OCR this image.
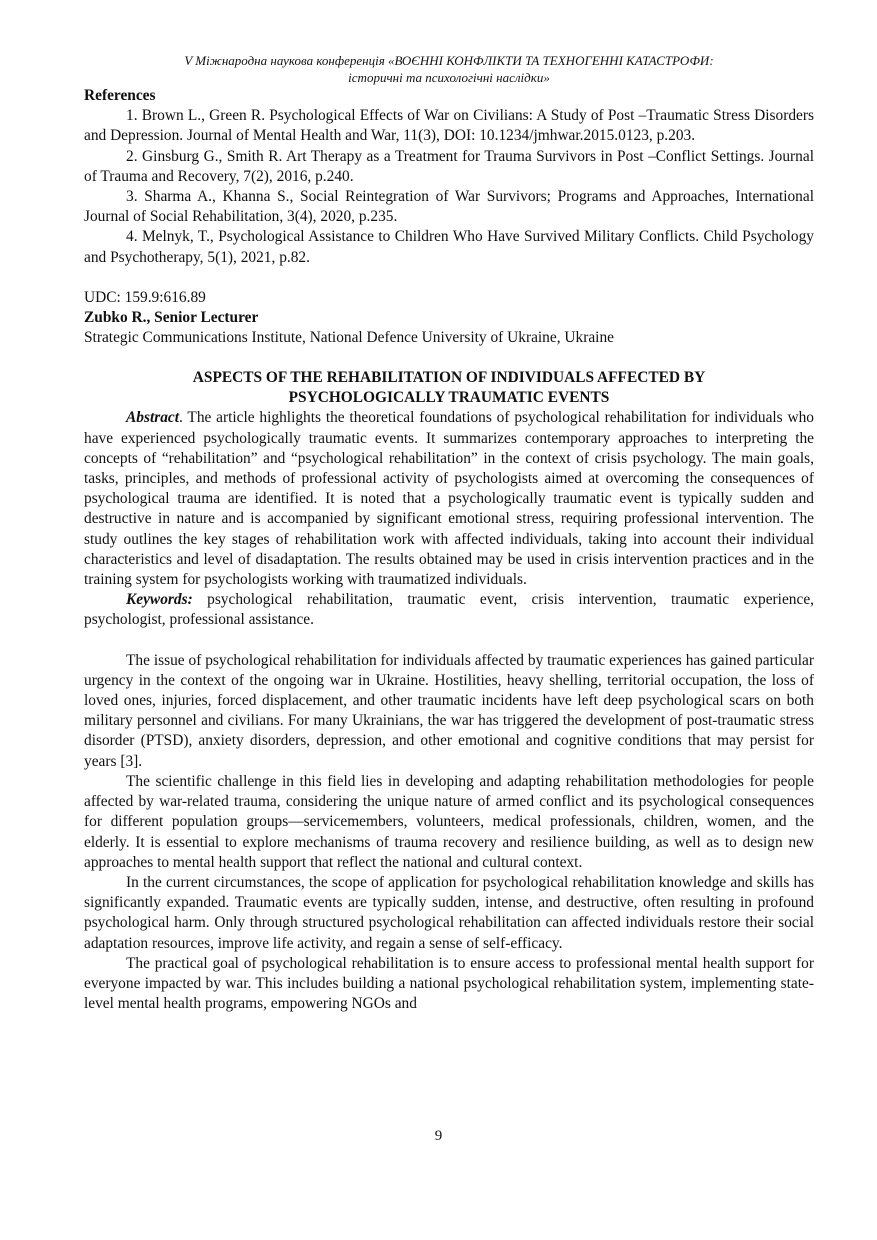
V Міжнародна наукова конференція «ВОЄННІ КОНФЛІКТИ ТА ТЕХНОГЕННІ КАТАСТРОФИ:
історичні та психологічні наслідки»

References

1. Brown L., Green R. Psychological Effects of War on Civilians: A Study of Post –Traumatic Stress Disorders and Depression. Journal of Mental Health and War, 11(3), DOI: 10.1234/jmhwar.2015.0123, p.203.

2. Ginsburg G., Smith R. Art Therapy as a Treatment for Trauma Survivors in Post –Conflict Settings. Journal of Trauma and Recovery, 7(2), 2016, p.240.

3. Sharma A., Khanna S., Social Reintegration of War Survivors; Programs and Approaches, International Journal of Social Rehabilitation, 3(4), 2020, p.235.

4. Melnyk, T., Psychological Assistance to Children Who Have Survived Military Conflicts. Child Psychology and Psychotherapy, 5(1), 2021, p.82.

UDC: 159.9:616.89

Zubko R., Senior Lecturer

Strategic Communications Institute, National Defence University of Ukraine, Ukraine

ASPECTS OF THE REHABILITATION OF INDIVIDUALS AFFECTED BY
PSYCHOLOGICALLY TRAUMATIC EVENTS

Abstract. The article highlights the theoretical foundations of psychological rehabilitation for individuals who have experienced psychologically traumatic events. It summarizes contemporary approaches to interpreting the concepts of “rehabilitation” and “psychological rehabilitation” in the context of crisis psychology. The main goals, tasks, principles, and methods of professional activity of psychologists aimed at overcoming the consequences of psychological trauma are identified. It is noted that a psychologically traumatic event is typically sudden and destructive in nature and is accompanied by significant emotional stress, requiring professional intervention. The study outlines the key stages of rehabilitation work with affected individuals, taking into account their individual characteristics and level of disadaptation. The results obtained may be used in crisis intervention practices and in the training system for psychologists working with traumatized individuals.

Keywords: psychological rehabilitation, traumatic event, crisis intervention, traumatic experience, psychologist, professional assistance.

The issue of psychological rehabilitation for individuals affected by traumatic experiences has gained particular urgency in the context of the ongoing war in Ukraine. Hostilities, heavy shelling, territorial occupation, the loss of loved ones, injuries, forced displacement, and other traumatic incidents have left deep psychological scars on both military personnel and civilians. For many Ukrainians, the war has triggered the development of post-traumatic stress disorder (PTSD), anxiety disorders, depression, and other emotional and cognitive conditions that may persist for years [3].

The scientific challenge in this field lies in developing and adapting rehabilitation methodologies for people affected by war-related trauma, considering the unique nature of armed conflict and its psychological consequences for different population groups—servicemembers, volunteers, medical professionals, children, women, and the elderly. It is essential to explore mechanisms of trauma recovery and resilience building, as well as to design new approaches to mental health support that reflect the national and cultural context.

In the current circumstances, the scope of application for psychological rehabilitation knowledge and skills has significantly expanded. Traumatic events are typically sudden, intense, and destructive, often resulting in profound psychological harm. Only through structured psychological rehabilitation can affected individuals restore their social adaptation resources, improve life activity, and regain a sense of self-efficacy.

The practical goal of psychological rehabilitation is to ensure access to professional mental health support for everyone impacted by war. This includes building a national psychological rehabilitation system, implementing state-level mental health programs, empowering NGOs and

9
